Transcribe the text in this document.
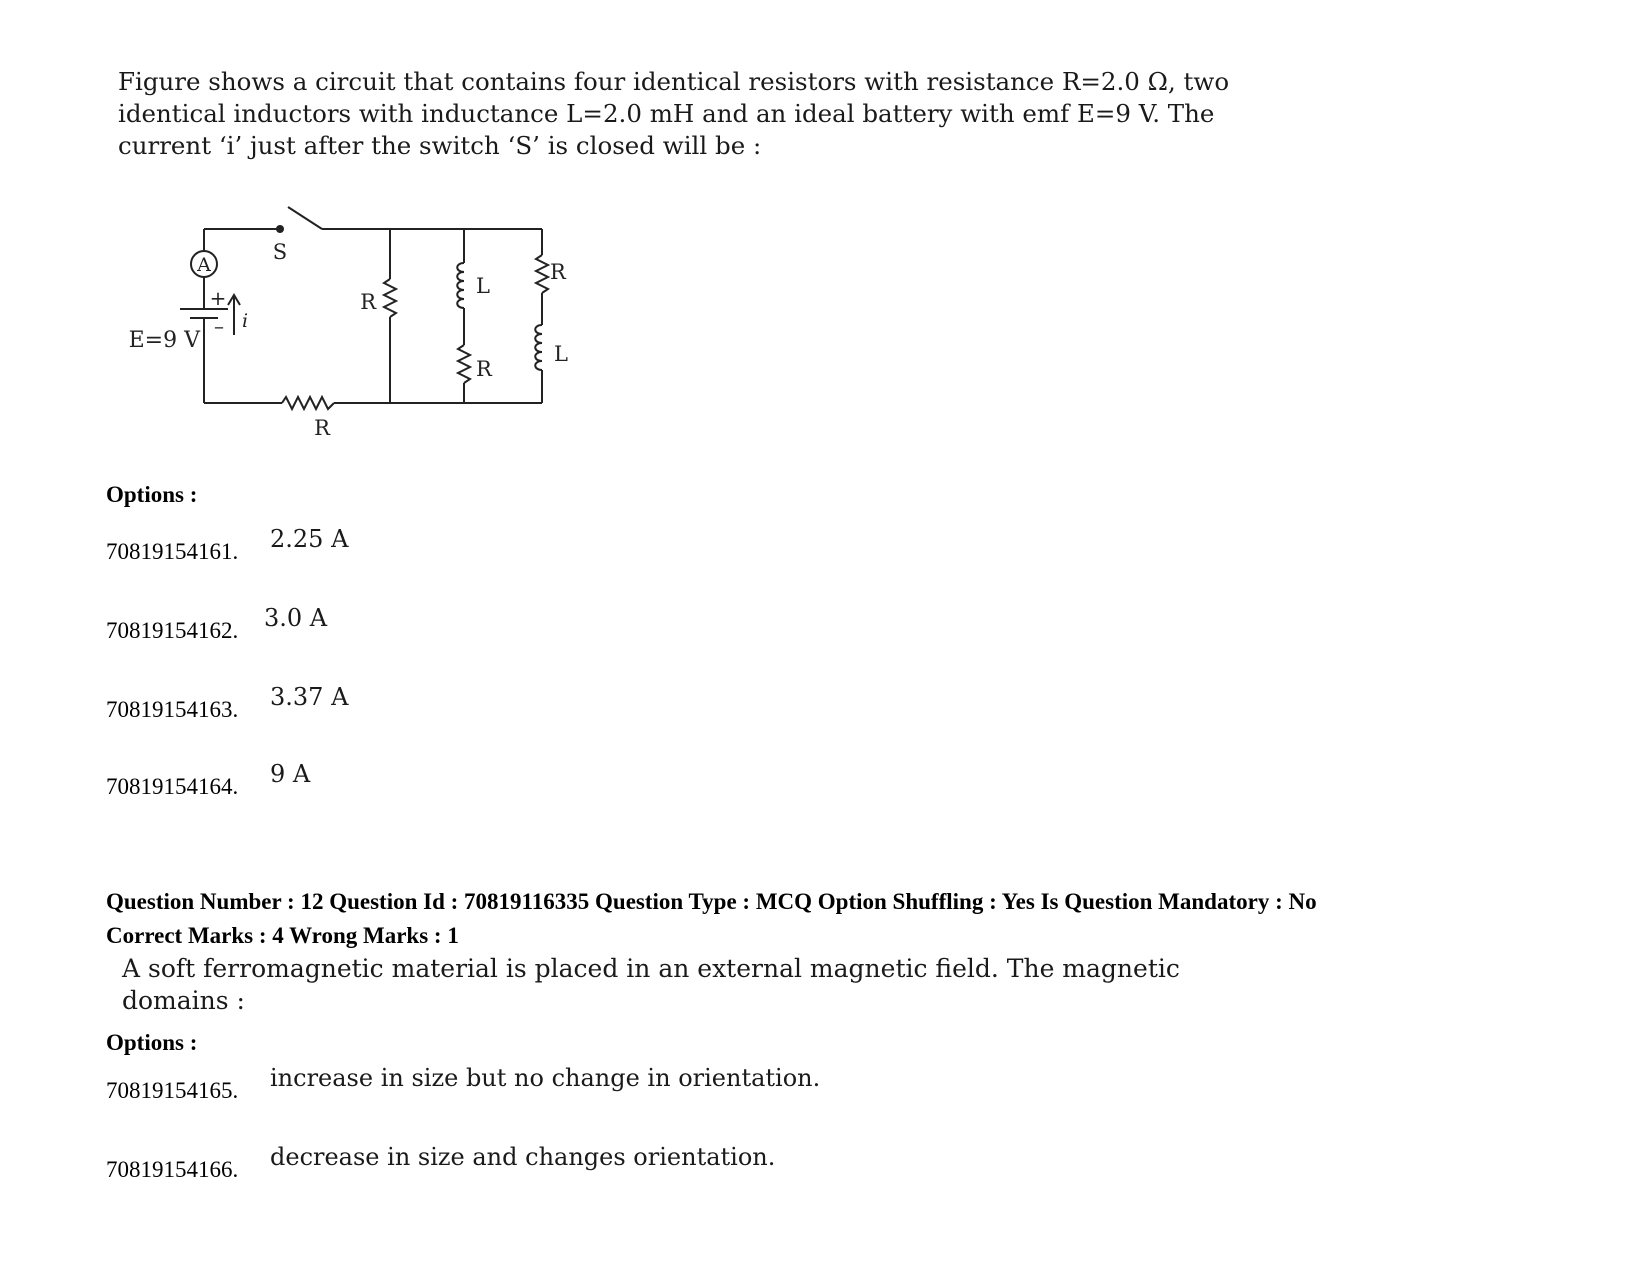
Figure shows a circuit that contains four identical resistors with resistance R=2.0 Ω, two

identical inductors with inductance L=2.0 mH and an ideal battery with emf E=9 V. The

current ‘i’ just after the switch ‘S’ is closed will be :

A
S
+
–
E=9 V
i
R
R
L
R
R
L

Options :

70819154161. 2.25 A
70819154162. 3.0 A
70819154163. 3.37 A
70819154164. 9 A

Question Number : 12 Question Id : 70819116335 Question Type : MCQ Option Shuffling : Yes Is Question Mandatory : No

Correct Marks : 4 Wrong Marks : 1

A soft ferromagnetic material is placed in an external magnetic field. The magnetic

domains :

Options :

70819154165. increase in size but no change in orientation.
70819154166. decrease in size and changes orientation.
